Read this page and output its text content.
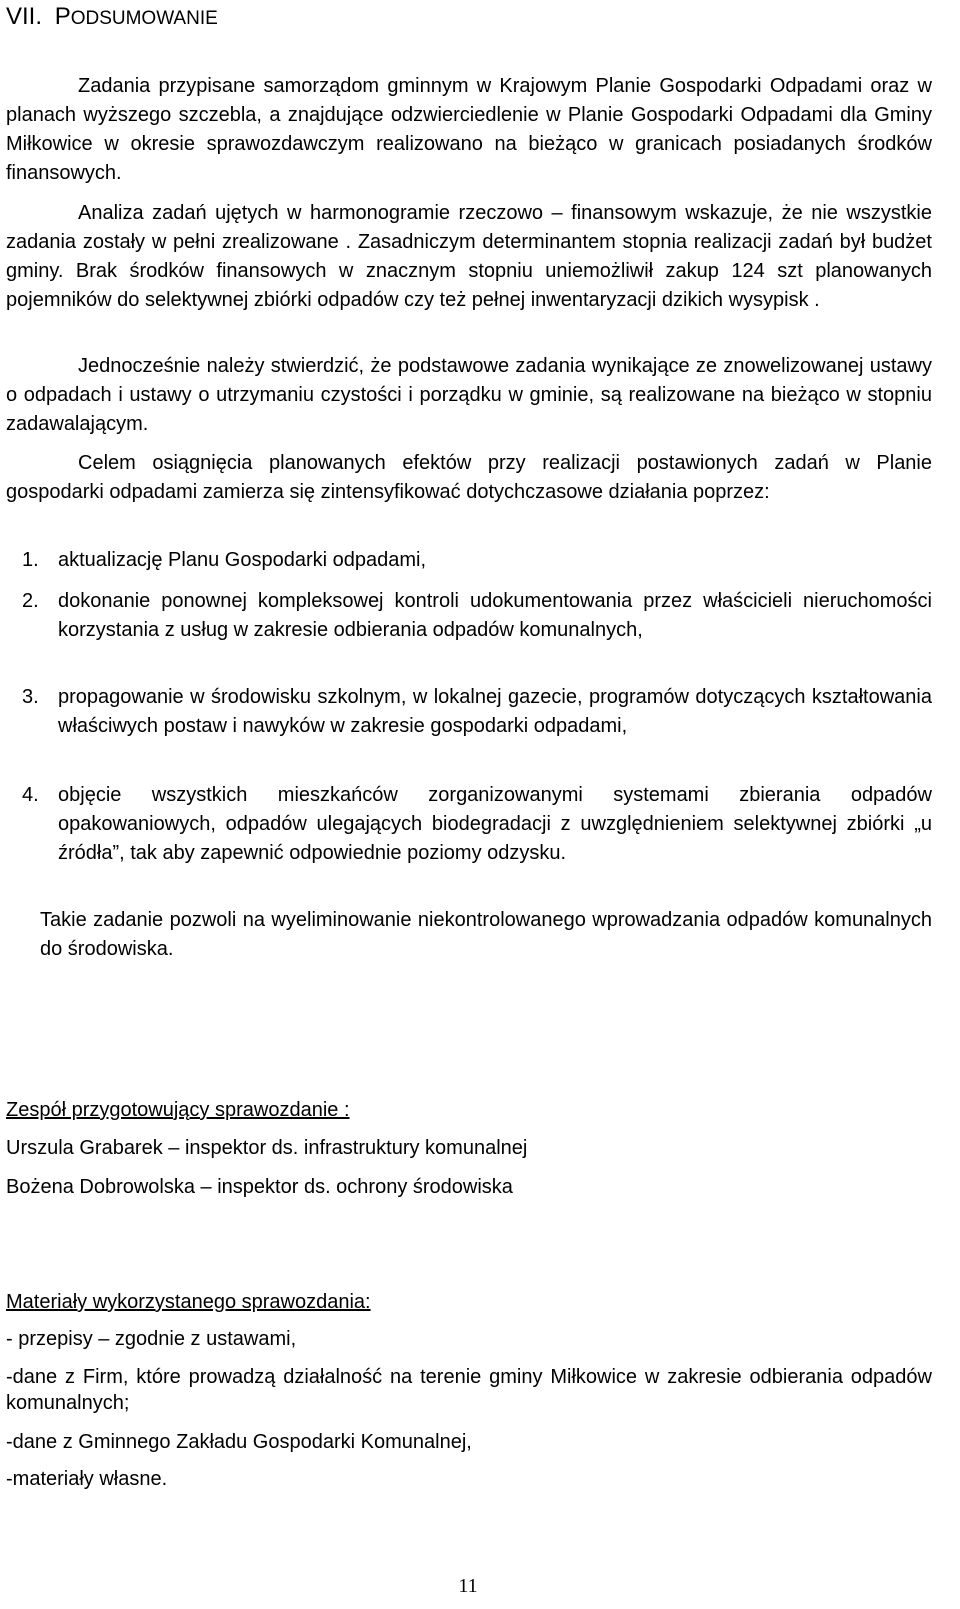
VII. PODSUMOWANIE

Zadania przypisane samorządom gminnym w Krajowym Planie Gospodarki Odpadami oraz w planach wyższego szczebla, a znajdujące odzwierciedlenie w Planie Gospodarki Odpadami dla Gminy Miłkowice w okresie sprawozdawczym realizowano na bieżąco w granicach posiadanych środków finansowych.

Analiza zadań ujętych w harmonogramie rzeczowo – finansowym wskazuje, że nie wszystkie zadania zostały w pełni zrealizowane . Zasadniczym determinantem stopnia realizacji zadań był budżet gminy. Brak środków finansowych w znacznym stopniu uniemożliwił zakup 124 szt planowanych pojemników do selektywnej zbiórki odpadów czy też pełnej inwentaryzacji dzikich wysypisk .

Jednocześnie należy stwierdzić, że podstawowe zadania wynikające ze znowelizowanej ustawy o odpadach i ustawy o utrzymaniu czystości i porządku w gminie, są realizowane na bieżąco w stopniu zadawalającym.

Celem osiągnięcia planowanych efektów przy realizacji postawionych zadań w Planie gospodarki odpadami zamierza się zintensyfikować dotychczasowe działania poprzez:

1. aktualizację Planu Gospodarki odpadami,
2. dokonanie ponownej kompleksowej kontroli udokumentowania przez właścicieli nieruchomości korzystania z usług w zakresie odbierania odpadów komunalnych,
3. propagowanie w środowisku szkolnym, w lokalnej gazecie, programów dotyczących kształtowania właściwych postaw i nawyków w zakresie gospodarki odpadami,
4. objęcie wszystkich mieszkańców zorganizowanymi systemami zbierania odpadów opakowaniowych, odpadów ulegających biodegradacji z uwzględnieniem selektywnej zbiórki „u źródła”, tak aby zapewnić odpowiednie poziomy odzysku.

Takie zadanie pozwoli na wyeliminowanie niekontrolowanego wprowadzania odpadów komunalnych do środowiska.

Zespół przygotowujący sprawozdanie :

Urszula Grabarek – inspektor ds. infrastruktury komunalnej

Bożena Dobrowolska – inspektor ds. ochrony środowiska

Materiały wykorzystanego sprawozdania:

- przepisy – zgodnie z ustawami,

-dane z Firm, które prowadzą działalność na terenie gminy Miłkowice w zakresie odbierania odpadów komunalnych;

-dane z Gminnego Zakładu Gospodarki Komunalnej,

-materiały własne.

11
